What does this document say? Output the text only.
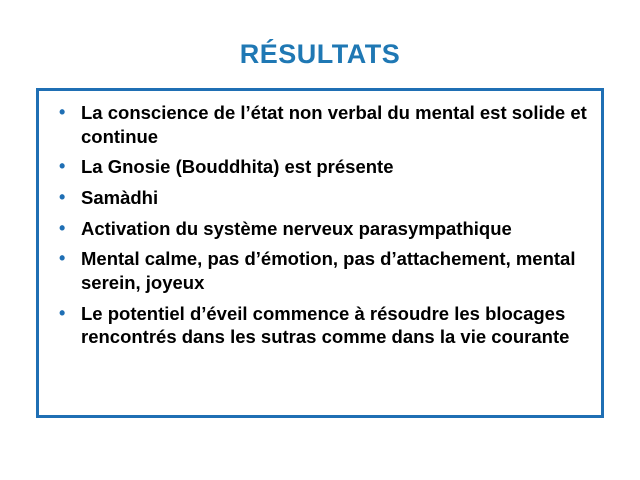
RÉSULTATS
• La conscience de l’état non verbal du mental est solide et continue
• La Gnosie (Bouddhita) est présente
• Samàdhi
• Activation du système nerveux parasympathique
• Mental calme, pas d’émotion, pas d’attachement, mental serein, joyeux
• Le potentiel d’éveil commence à résoudre les blocages rencontrés dans les sutras comme dans la vie courante
